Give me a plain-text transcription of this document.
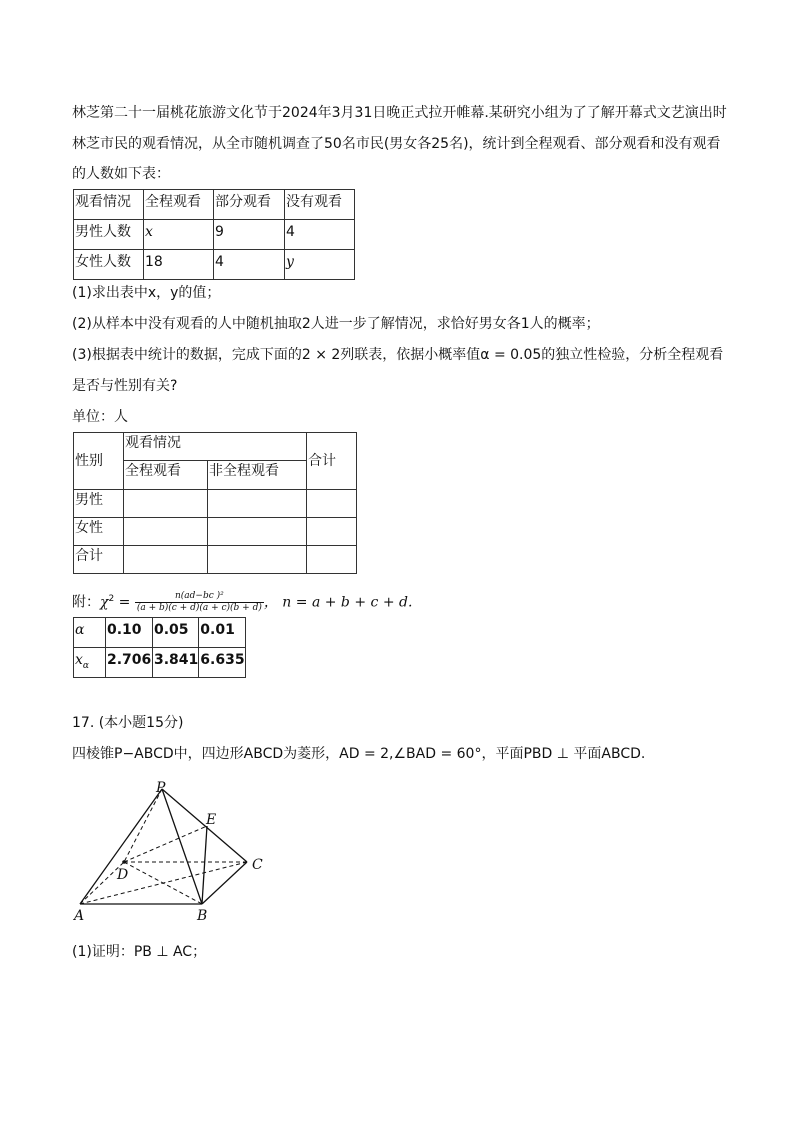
林芝第二十一届桃花旅游文化节于2024年3月31日晚正式拉开帷幕.某研究小组为了了解开幕式文艺演出时
林芝市民的观看情况，从全市随机调查了50名市民(男女各25名)，统计到全程观看、部分观看和没有观看
的人数如下表：
观看情况	全程观看	部分观看	没有观看
男性人数	x	9	4
女性人数	18	4	y
(1)求出表中x，y的值；
(2)从样本中没有观看的人中随机抽取2人进一步了解情况，求恰好男女各1人的概率；
(3)根据表中统计的数据，完成下面的2 × 2列联表，依据小概率值α = 0.05的独立性检验，分析全程观看
是否与性别有关?
单位：人
性别	观看情况		合计
	全程观看	非全程观看	
男性			
女性			
合计			
附：$\chi^2 = \frac{\text{n(ad−bc )²}}{(a + b)(c + d)(a + c)(b + d)}$ ， n = a + b + c + d.
α	0.10	0.05	0.01
$x_\alpha$	2.706	3.841	6.635
17. (本小题15分)
四棱锥P−ABCD中，四边形ABCD为菱形，AD = 2,∠BAD = 60°，平面PBD ⊥ 平面ABCD.
P
E
C
D
A	B
(1)证明：PB ⊥ AC；
